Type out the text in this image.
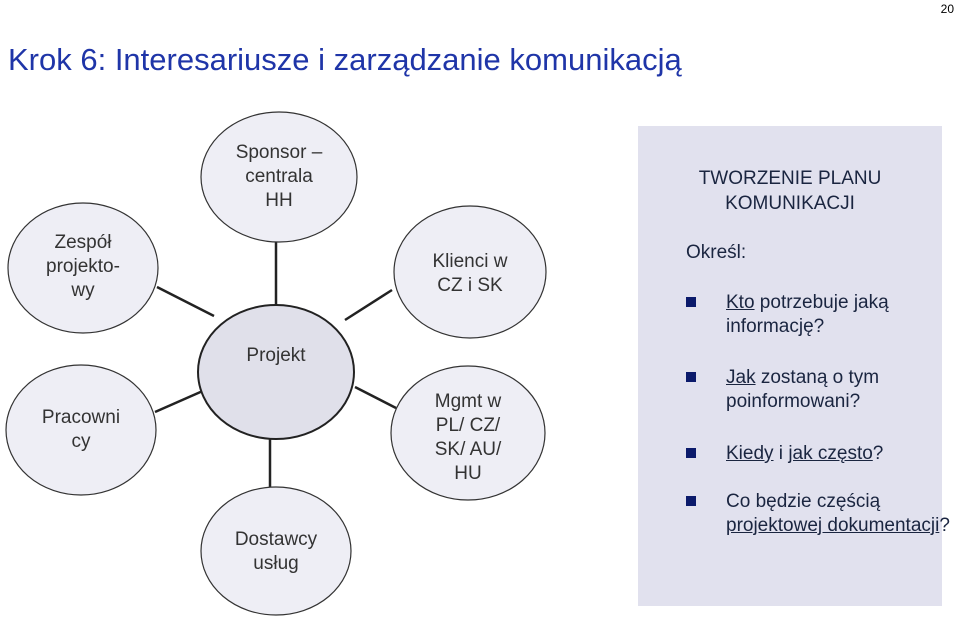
20
Krok 6: Interesariusze i zarządzanie komunikacją
Sponsor –
centrala
HH
Zespół
projekto-
wy
Pracowni
cy
Projekt
Dostawcy
usług
Klienci w
CZ i SK
Mgmt w
PL/ CZ/
SK/ AU/
HU
TWORZENIE PLANU
KOMUNIKACJI
Określ:
Kto potrzebuje jaką informację?
Jak zostaną o tym poinformowani?
Kiedy i jak często?
Co będzie częścią projektowej dokumentacji?
